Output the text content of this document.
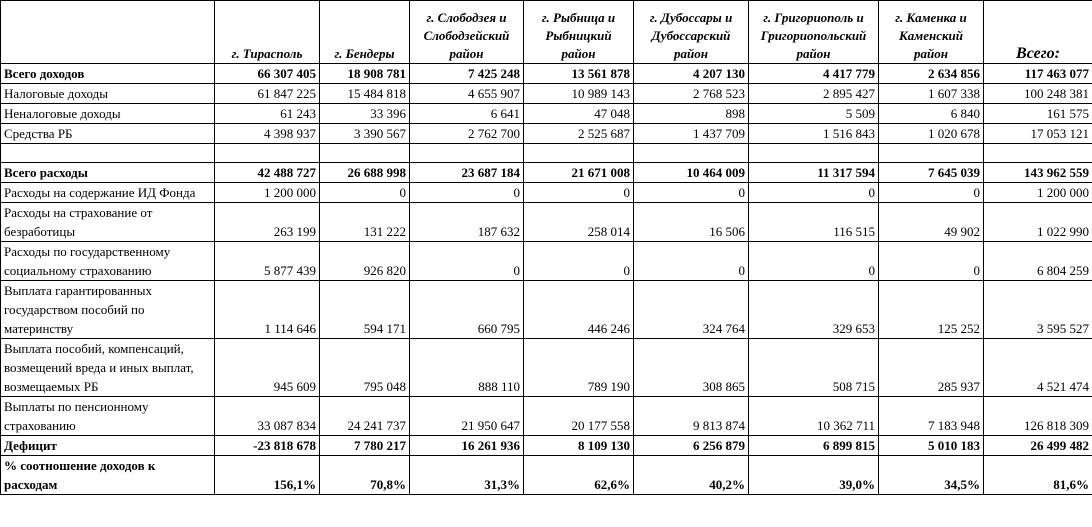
	г. Тирасполь	г. Бендеры	г. Слободзея и Слободзейский район	г. Рыбница и Рыбницкий район	г. Дубоссары и Дубоссарский район	г. Григориополь и Григориопольский район	г. Каменка и Каменский район	Всего:
Всего доходов	66 307 405	18 908 781	7 425 248	13 561 878	4 207 130	4 417 779	2 634 856	117 463 077
Налоговые доходы	61 847 225	15 484 818	4 655 907	10 989 143	2 768 523	2 895 427	1 607 338	100 248 381
Неналоговые доходы	61 243	33 396	6 641	47 048	898	5 509	6 840	161 575
Средства РБ	4 398 937	3 390 567	2 762 700	2 525 687	1 437 709	1 516 843	1 020 678	17 053 121

Всего расходы	42 488 727	26 688 998	23 687 184	21 671 008	10 464 009	11 317 594	7 645 039	143 962 559
Расходы на содержание ИД Фонда	1 200 000	0	0	0	0	0	0	1 200 000
Расходы на страхование от безработицы	263 199	131 222	187 632	258 014	16 506	116 515	49 902	1 022 990
Расходы по государственному социальному страхованию	5 877 439	926 820	0	0	0	0	0	6 804 259
Выплата гарантированных государством пособий по материнству	1 114 646	594 171	660 795	446 246	324 764	329 653	125 252	3 595 527
Выплата пособий, компенсаций, возмещений вреда и иных выплат, возмещаемых РБ	945 609	795 048	888 110	789 190	308 865	508 715	285 937	4 521 474
Выплаты по пенсионному страхованию	33 087 834	24 241 737	21 950 647	20 177 558	9 813 874	10 362 711	7 183 948	126 818 309
Дефицит	-23 818 678	7 780 217	16 261 936	8 109 130	6 256 879	6 899 815	5 010 183	26 499 482
% соотношение доходов к расходам	156,1%	70,8%	31,3%	62,6%	40,2%	39,0%	34,5%	81,6%
